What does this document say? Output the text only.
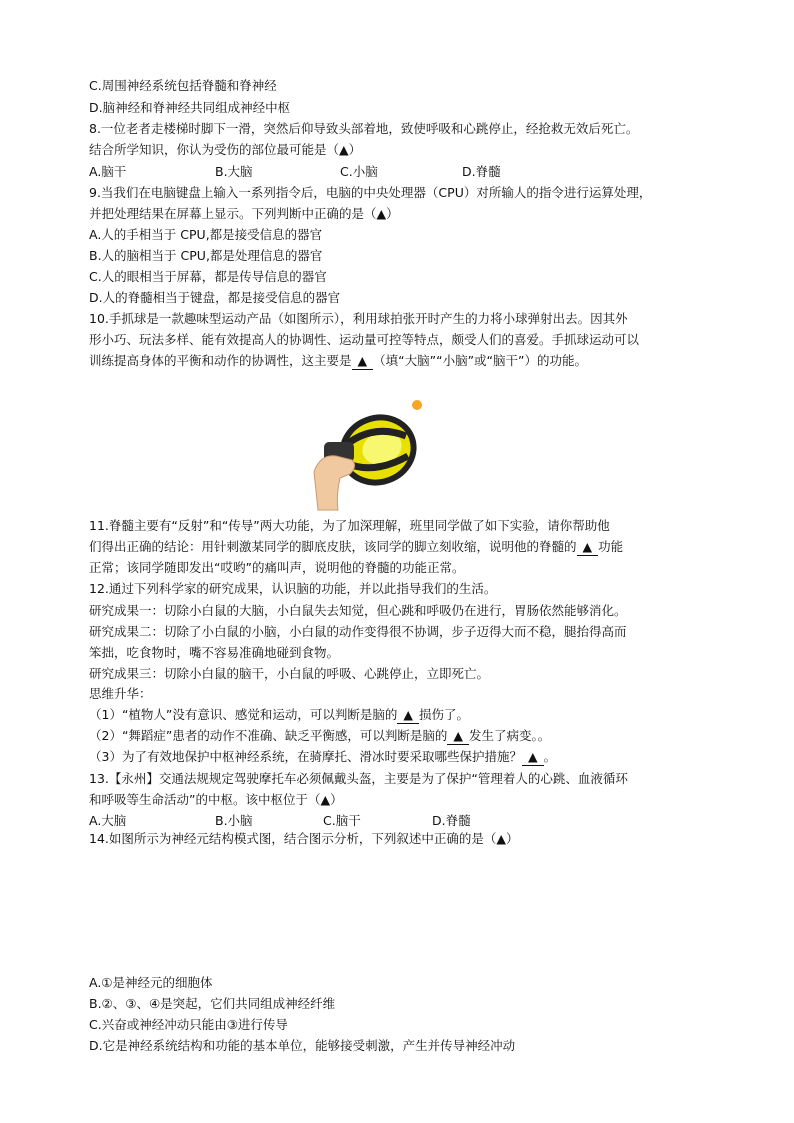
C.周围神经系统包括脊髓和脊神经
D.脑神经和脊神经共同组成神经中枢
8.一位老者走楼梯时脚下一滑，突然后仰导致头部着地，致使呼吸和心跳停止，经抢救无效后死亡。
结合所学知识，你认为受伤的部位最可能是（▲）
A.脑干	B.大脑	C.小脑	D.脊髓
9.当我们在电脑键盘上输入一系列指令后，电脑的中央处理器（CPU）对所输人的指令进行运算处理，
并把处理结果在屏幕上显示。下列判断中正确的是（▲）
A.人的手相当于 CPU,都是接受信息的器官
B.人的脑相当于 CPU,都是处理信息的器官
C.人的眼相当于屏幕，都是传导信息的器官
D.人的脊髓相当于键盘，都是接受信息的器官
10.手抓球是一款趣味型运动产品（如图所示），利用球拍张开时产生的力将小球弹射出去。因其外
形小巧、玩法多样、能有效提高人的协调性、运动量可控等特点，颇受人们的喜爱。手抓球运动可以
训练提高身体的平衡和动作的协调性，这主要是 ▲ （填“大脑”“小脑”或“脑干”）的功能。
11.脊髓主要有“反射”和“传导”两大功能，为了加深理解，班里同学做了如下实验，请你帮助他
们得出正确的结论：用针刺激某同学的脚底皮肤，该同学的脚立刻收缩，说明他的脊髓的 ▲ 功能
正常；该同学随即发出“哎哟”的痛叫声，说明他的脊髓的功能正常。
12.通过下列科学家的研究成果，认识脑的功能，并以此指导我们的生活。
研究成果一：切除小白鼠的大脑，小白鼠失去知觉，但心跳和呼吸仍在进行，胃肠依然能够消化。
研究成果二：切除了小白鼠的小脑，小白鼠的动作变得很不协调，步子迈得大而不稳，腿抬得高而
笨拙，吃食物时，嘴不容易准确地碰到食物。
研究成果三：切除小白鼠的脑干，小白鼠的呼吸、心跳停止，立即死亡。
思维升华：
（1）“植物人”没有意识、感觉和运动，可以判断是脑的 ▲ 损伤了。
（2）“舞蹈症”患者的动作不准确、缺乏平衡感，可以判断是脑的 ▲ 发生了病变。。
（3）为了有效地保护中枢神经系统，在骑摩托、滑冰时要采取哪些保护措施？ ▲ 。
13.【永州】交通法规规定驾驶摩托车必须佩戴头盔，主要是为了保护“管理着人的心跳、血液循环
和呼吸等生命活动”的中枢。该中枢位于（▲）
A.大脑	B.小脑	C.脑干	D.脊髓
14.如图所示为神经元结构模式图，结合图示分析，下列叙述中正确的是（▲）
A.①是神经元的细胞体
B.②、③、④是突起，它们共同组成神经纤维
C.兴奋或神经冲动只能由③进行传导
D.它是神经系统结构和功能的基本单位，能够接受刺激，产生并传导神经冲动
